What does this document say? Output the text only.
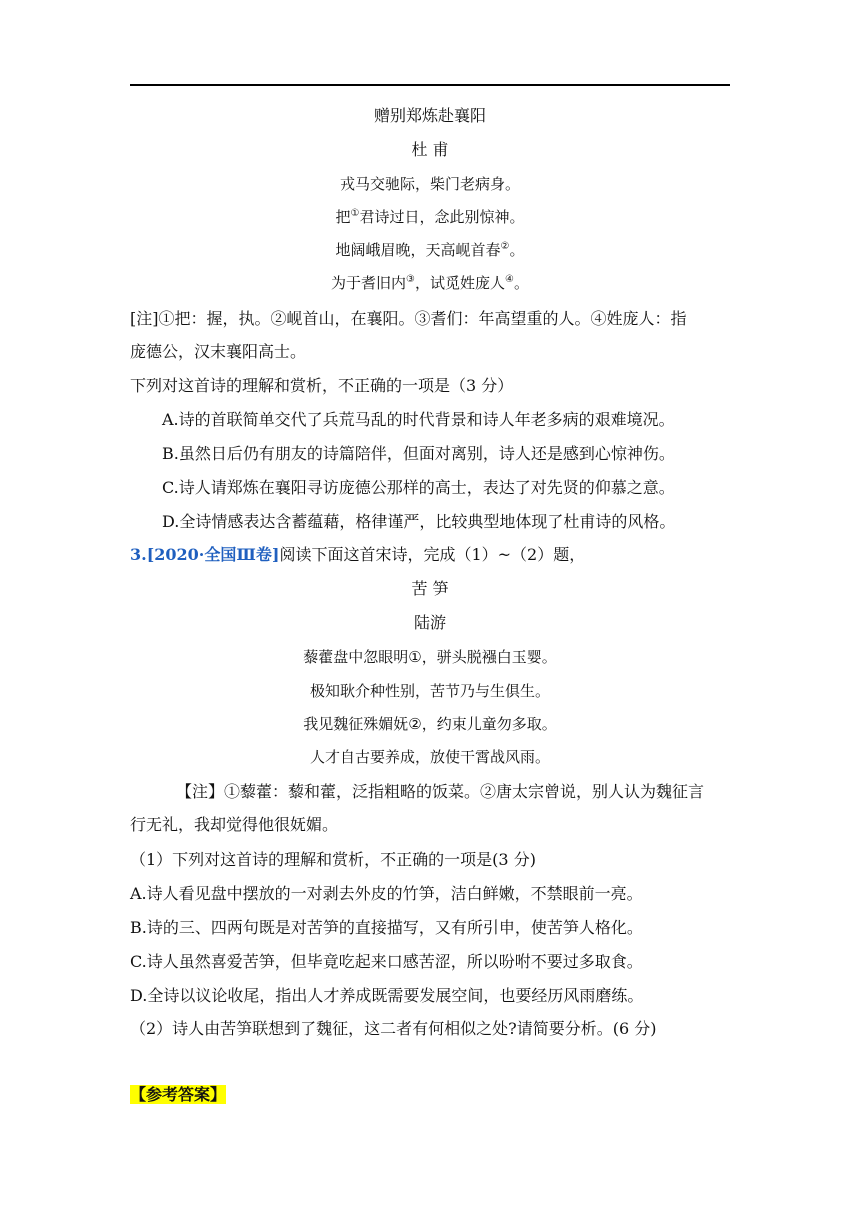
赠别郑炼赴襄阳
杜 甫
戎马交驰际，柴门老病身。
把①君诗过日，念此别惊神。
地阔峨眉晚，天高岘首春②。
为于耆旧内③，试觅姓庞人④。
[注]①把：握，执。②岘首山，在襄阳。③耆们：年高望重的人。④姓庞人：指
庞德公，汉末襄阳高士。
下列对这首诗的理解和赏析，不正确的一项是（3 分）
A.诗的首联简单交代了兵荒马乱的时代背景和诗人年老多病的艰难境况。
B.虽然日后仍有朋友的诗篇陪伴，但面对离别，诗人还是感到心惊神伤。
C.诗人请郑炼在襄阳寻访庞德公那样的高士，表达了对先贤的仰慕之意。
D.全诗情感表达含蓄蕴藉，格律谨严，比较典型地体现了杜甫诗的风格。
3.[2020·全国Ⅲ卷]阅读下面这首宋诗，完成（1）~（2）题，
苦 笋
陆游
藜藿盘中忽眼明①，骈头脱襁白玉婴。
极知耿介种性别，苦节乃与生俱生。
我见魏征殊媚妩②，约束儿童勿多取。
人才自古要养成，放使干霄战风雨。
【注】①藜藿：藜和藿，泛指粗略的饭菜。②唐太宗曾说，别人认为魏征言
行无礼，我却觉得他很妩媚。
（1）下列对这首诗的理解和赏析，不正确的一项是(3 分)
A.诗人看见盘中摆放的一对剥去外皮的竹笋，洁白鲜嫩，不禁眼前一亮。
B.诗的三、四两句既是对苦笋的直接描写，又有所引申，使苦笋人格化。
C.诗人虽然喜爱苦笋，但毕竟吃起来口感苦涩，所以吩咐不要过多取食。
D.全诗以议论收尾，指出人才养成既需要发展空间，也要经历风雨磨练。
（2）诗人由苦笋联想到了魏征，这二者有何相似之处?请简要分析。(6 分)
【参考答案】
